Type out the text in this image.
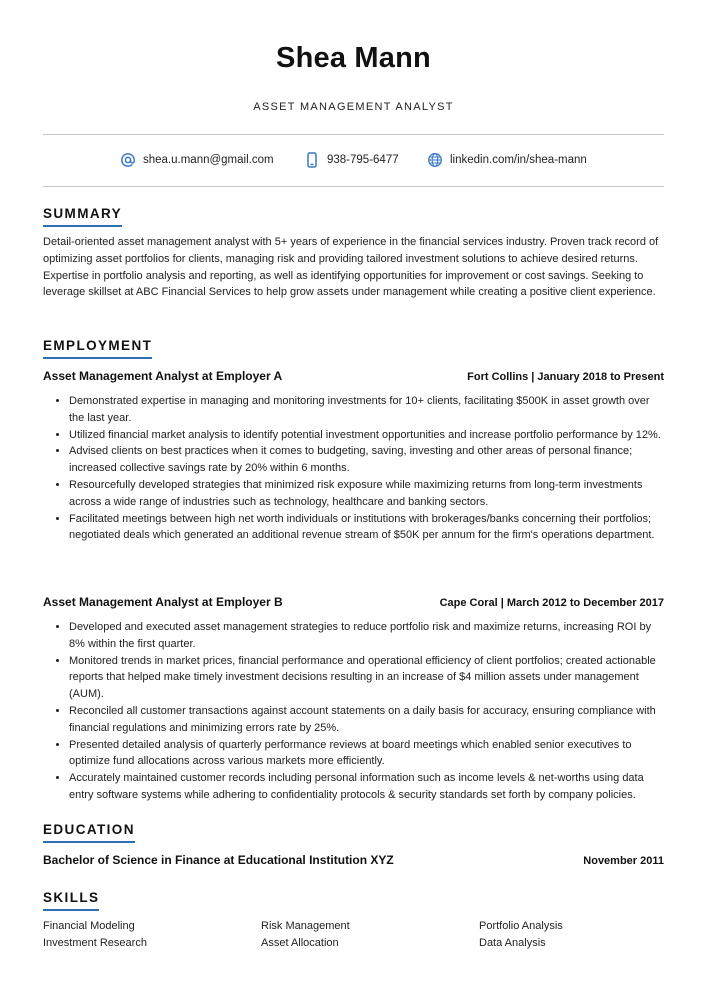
Shea Mann
ASSET MANAGEMENT ANALYST
shea.u.mann@gmail.com	938-795-6477	linkedin.com/in/shea-mann
SUMMARY

Detail-oriented asset management analyst with 5+ years of experience in the financial services industry. Proven track record of optimizing asset portfolios for clients, managing risk and providing tailored investment solutions to achieve desired returns. Expertise in portfolio analysis and reporting, as well as identifying opportunities for improvement or cost savings. Seeking to leverage skillset at ABC Financial Services to help grow assets under management while creating a positive client experience.

EMPLOYMENT
Asset Management Analyst at Employer A	Fort Collins | January 2018 to Present
• Demonstrated expertise in managing and monitoring investments for 10+ clients, facilitating $500K in asset growth over the last year.
• Utilized financial market analysis to identify potential investment opportunities and increase portfolio performance by 12%.
• Advised clients on best practices when it comes to budgeting, saving, investing and other areas of personal finance; increased collective savings rate by 20% within 6 months.
• Resourcefully developed strategies that minimized risk exposure while maximizing returns from long-term investments across a wide range of industries such as technology, healthcare and banking sectors.
• Facilitated meetings between high net worth individuals or institutions with brokerages/banks concerning their portfolios; negotiated deals which generated an additional revenue stream of $50K per annum for the firm's operations department.
Asset Management Analyst at Employer B	Cape Coral | March 2012 to December 2017
• Developed and executed asset management strategies to reduce portfolio risk and maximize returns, increasing ROI by 8% within the first quarter.
• Monitored trends in market prices, financial performance and operational efficiency of client portfolios; created actionable reports that helped make timely investment decisions resulting in an increase of $4 million assets under management (AUM).
• Reconciled all customer transactions against account statements on a daily basis for accuracy, ensuring compliance with financial regulations and minimizing errors rate by 25%.
• Presented detailed analysis of quarterly performance reviews at board meetings which enabled senior executives to optimize fund allocations across various markets more efficiently.
• Accurately maintained customer records including personal information such as income levels & net-worths using data entry software systems while adhering to confidentiality protocols & security standards set forth by company policies.
EDUCATION
Bachelor of Science in Finance at Educational Institution XYZ	November 2011
SKILLS
Financial Modeling	Risk Management	Portfolio Analysis
Investment Research	Asset Allocation	Data Analysis
